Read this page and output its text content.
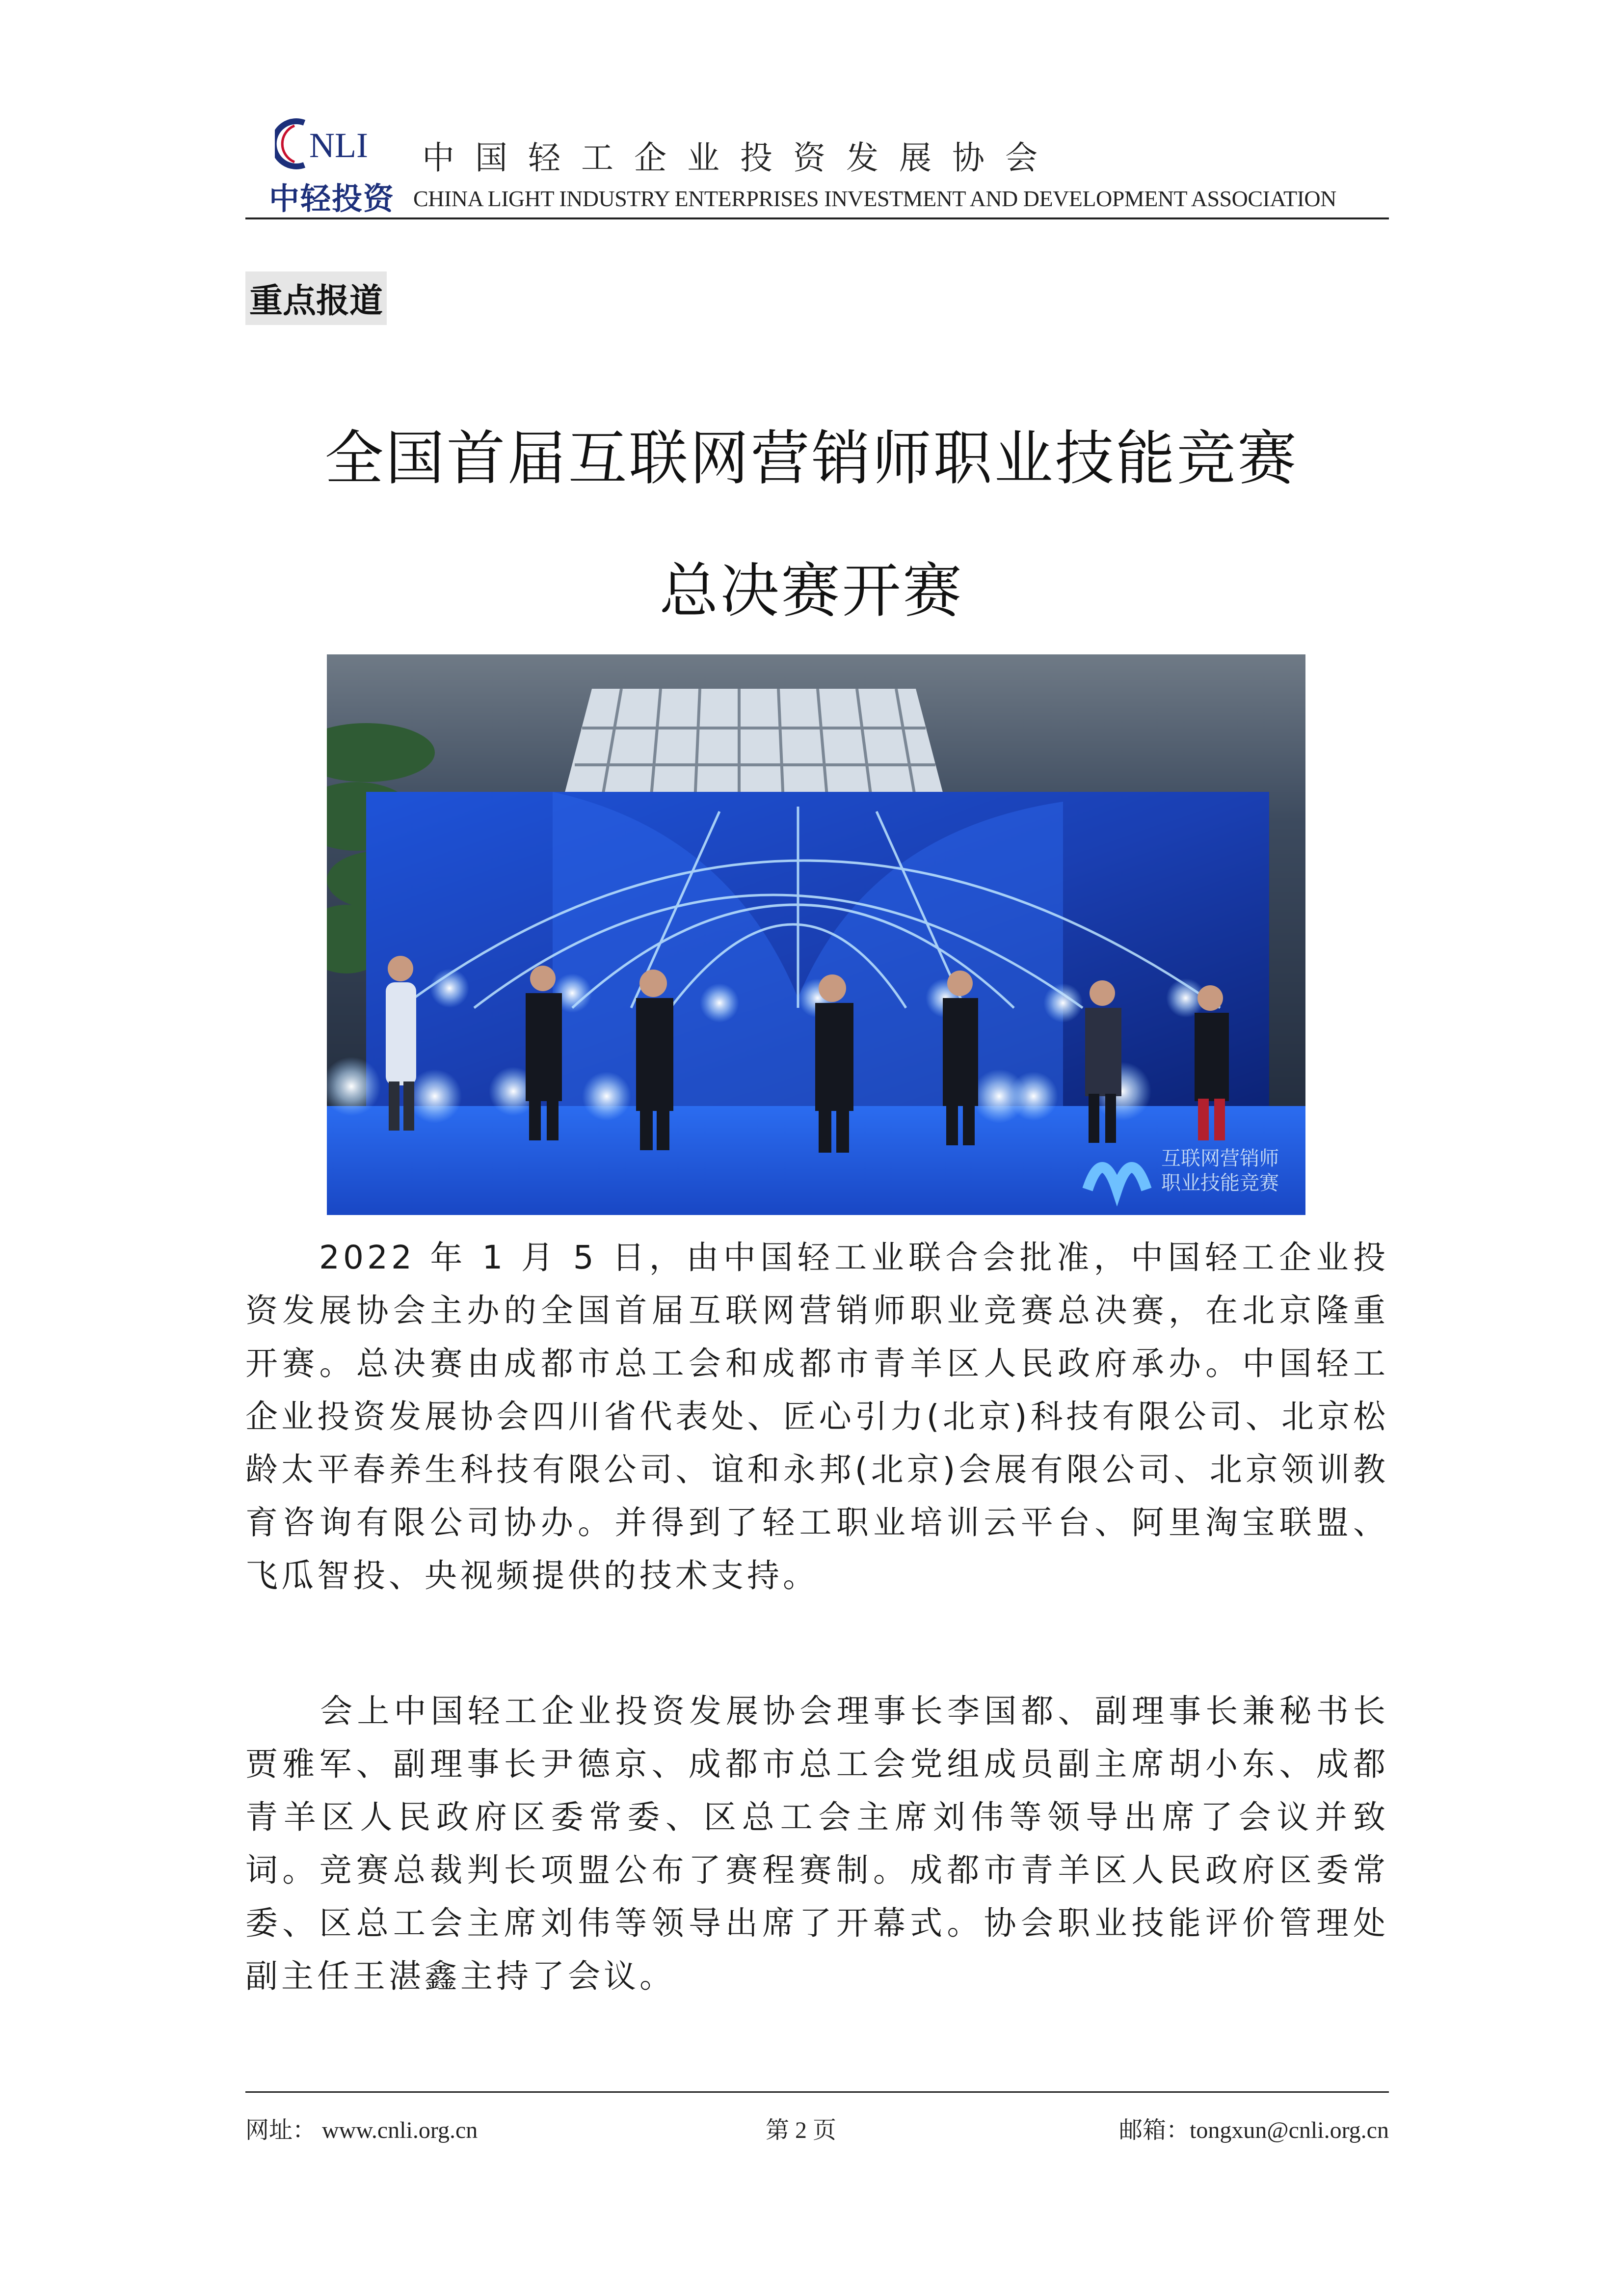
NLI
中轻投资
中国轻工企业投资发展协会
CHINA LIGHT INDUSTRY ENTERPRISES INVESTMENT AND DEVELOPMENT ASSOCIATION
重点报道
全国首届互联网营销师职业技能竞赛
总决赛开赛
互联网营销师
职业技能竞赛
2022 年 1 月 5 日，由中国轻工业联合会批准，中国轻工企业投资发展协会主办的全国首届互联网营销师职业竞赛总决赛，在北京隆重开赛。总决赛由成都市总工会和成都市青羊区人民政府承办。中国轻工企业投资发展协会四川省代表处、匠心引力(北京)科技有限公司、北京松龄太平春养生科技有限公司、谊和永邦(北京)会展有限公司、北京领训教育咨询有限公司协办。并得到了轻工职业培训云平台、阿里淘宝联盟、飞瓜智投、央视频提供的技术支持。
会上中国轻工企业投资发展协会理事长李国都、副理事长兼秘书长贾雅军、副理事长尹德京、成都市总工会党组成员副主席胡小东、成都青羊区人民政府区委常委、区总工会主席刘伟等领导出席了会议并致词。竞赛总裁判长项盟公布了赛程赛制。成都市青羊区人民政府区委常委、区总工会主席刘伟等领导出席了开幕式。协会职业技能评价管理处副主任王湛鑫主持了会议。
网址： www.cnli.org.cn	第 2 页	邮箱：tongxun@cnli.org.cn
